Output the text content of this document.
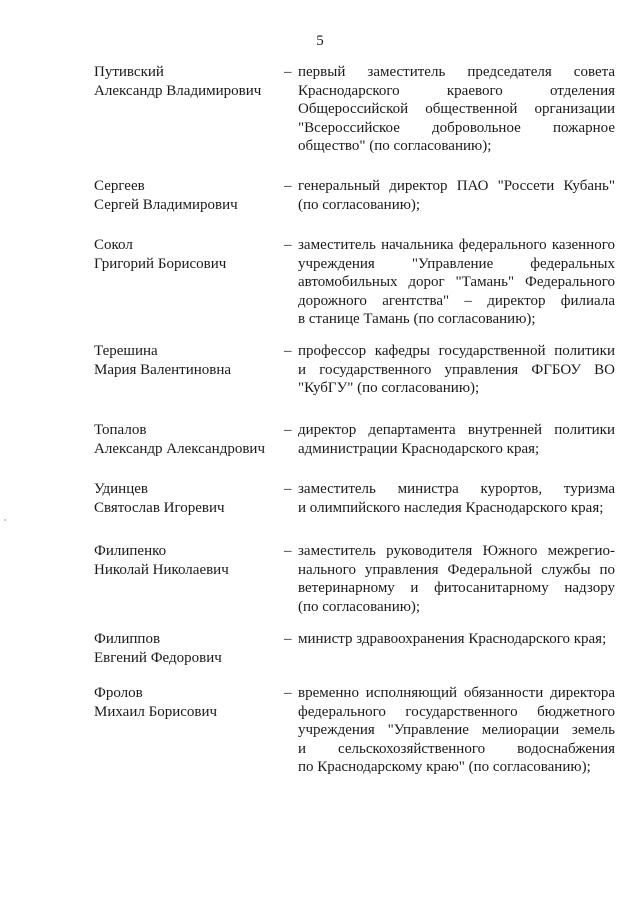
5
Путивский
Александр Владимирович
– первый заместитель председателя совета
Краснодарского краевого отделения
Общероссийской общественной организации
"Всероссийское добровольное пожарное
общество" (по согласованию);
Сергеев
Сергей Владимирович
– генеральный директор ПАО "Россети Кубань"
(по согласованию);
Сокол
Григорий Борисович
– заместитель начальника федерального казенного
учреждения "Управление федеральных
автомобильных дорог "Тамань" Федерального
дорожного агентства" – директор филиала
в станице Тамань (по согласованию);
Терешина
Мария Валентиновна
– профессор кафедры государственной политики
и государственного управления ФГБОУ ВО
"КубГУ" (по согласованию);
Топалов
Александр Александрович
– директор департамента внутренней политики
администрации Краснодарского края;
Удинцев
Святослав Игоревич
– заместитель министра курортов, туризма
и олимпийского наследия Краснодарского края;
Филипенко
Николай Николаевич
– заместитель руководителя Южного межрегио-
нального управления Федеральной службы по
ветеринарному и фитосанитарному надзору
(по согласованию);
Филиппов
Евгений Федорович
– министр здравоохранения Краснодарского края;
Фролов
Михаил Борисович
– временно исполняющий обязанности директора
федерального государственного бюджетного
учреждения "Управление мелиорации земель
и сельскохозяйственного водоснабжения
по Краснодарскому краю" (по согласованию);
